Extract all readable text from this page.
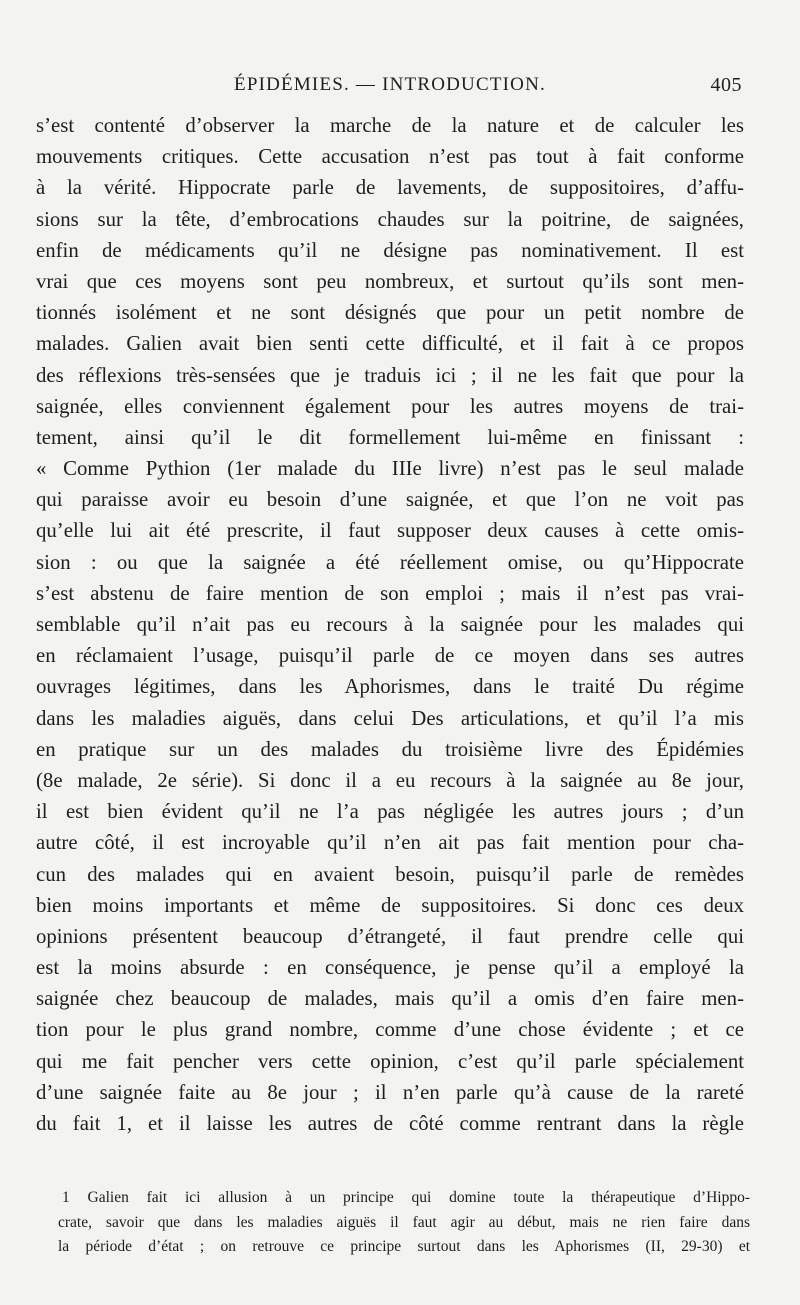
ÉPIDÉMIES. — INTRODUCTION.	405
s’est contenté d’observer la marche de la nature et de calculer les
mouvements critiques. Cette accusation n’est pas tout à fait conforme
à la vérité. Hippocrate parle de lavements, de suppositoires, d’affu-
sions sur la tête, d’embrocations chaudes sur la poitrine, de saignées,
enfin de médicaments qu’il ne désigne pas nominativement. Il est
vrai que ces moyens sont peu nombreux, et surtout qu’ils sont men-
tionnés isolément et ne sont désignés que pour un petit nombre de
malades. Galien avait bien senti cette difficulté, et il fait à ce propos
des réflexions très-sensées que je traduis ici ; il ne les fait que pour la
saignée, elles conviennent également pour les autres moyens de trai-
tement, ainsi qu’il le dit formellement lui-même en finissant :
« Comme Pythion (1er malade du IIIe livre) n’est pas le seul malade
qui paraisse avoir eu besoin d’une saignée, et que l’on ne voit pas
qu’elle lui ait été prescrite, il faut supposer deux causes à cette omis-
sion : ou que la saignée a été réellement omise, ou qu’Hippocrate
s’est abstenu de faire mention de son emploi ; mais il n’est pas vrai-
semblable qu’il n’ait pas eu recours à la saignée pour les malades qui
en réclamaient l’usage, puisqu’il parle de ce moyen dans ses autres
ouvrages légitimes, dans les Aphorismes, dans le traité Du régime
dans les maladies aiguës, dans celui Des articulations, et qu’il l’a mis
en pratique sur un des malades du troisième livre des Épidémies
(8e malade, 2e série). Si donc il a eu recours à la saignée au 8e jour,
il est bien évident qu’il ne l’a pas négligée les autres jours ; d’un
autre côté, il est incroyable qu’il n’en ait pas fait mention pour cha-
cun des malades qui en avaient besoin, puisqu’il parle de remèdes
bien moins importants et même de suppositoires. Si donc ces deux
opinions présentent beaucoup d’étrangeté, il faut prendre celle qui
est la moins absurde : en conséquence, je pense qu’il a employé la
saignée chez beaucoup de malades, mais qu’il a omis d’en faire men-
tion pour le plus grand nombre, comme d’une chose évidente ; et ce
qui me fait pencher vers cette opinion, c’est qu’il parle spécialement
d’une saignée faite au 8e jour ; il n’en parle qu’à cause de la rareté
du fait 1, et il laisse les autres de côté comme rentrant dans la règle
1 Galien fait ici allusion à un principe qui domine toute la thérapeutique d’Hippo-
crate, savoir que dans les maladies aiguës il faut agir au début, mais ne rien faire dans
la période d’état ; on retrouve ce principe surtout dans les Aphorismes (II, 29-30) et
